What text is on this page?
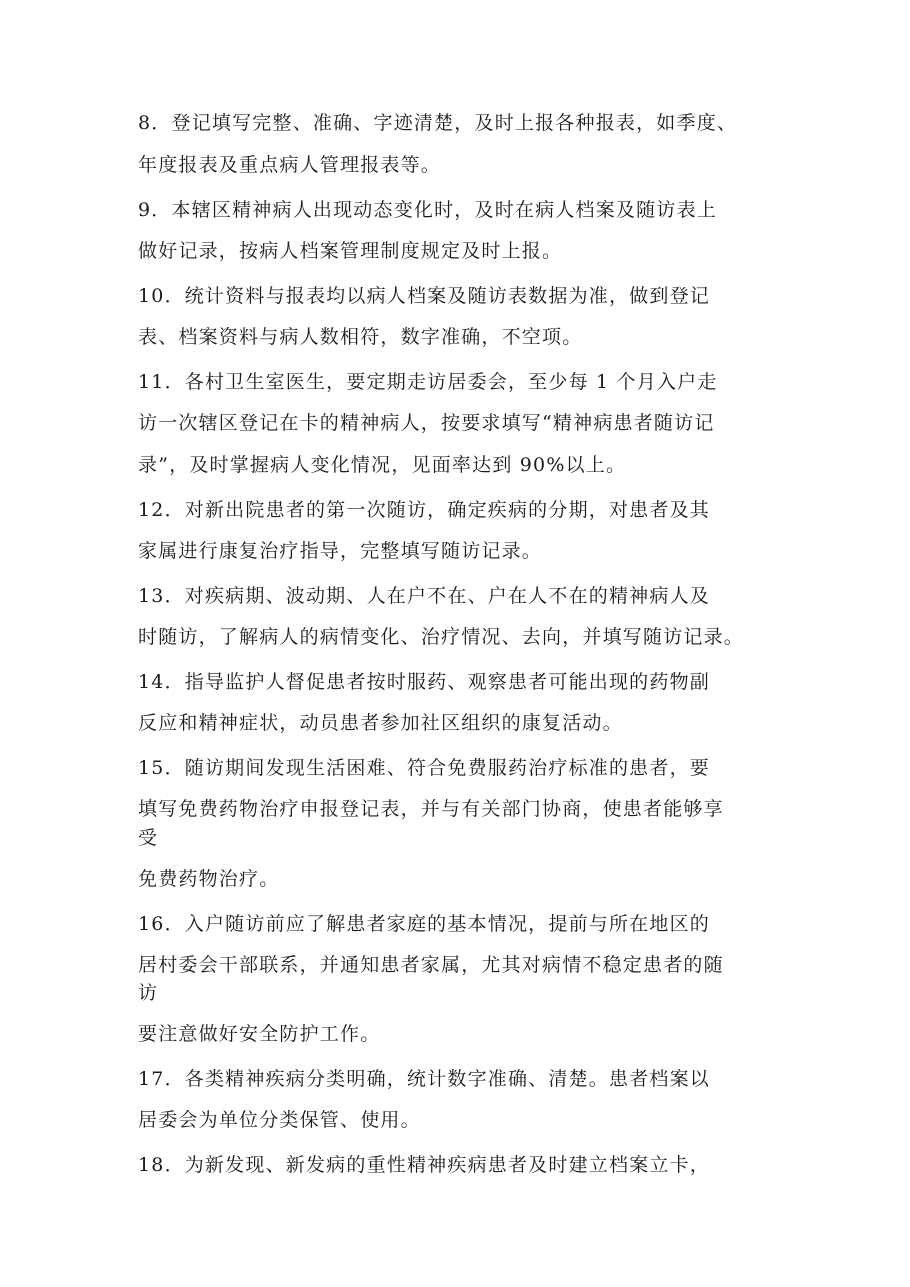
8．登记填写完整、准确、字迹清楚，及时上报各种报表，如季度、
年度报表及重点病人管理报表等。
9．本辖区精神病人出现动态变化时，及时在病人档案及随访表上
做好记录，按病人档案管理制度规定及时上报。
10．统计资料与报表均以病人档案及随访表数据为准，做到登记
表、档案资料与病人数相符，数字准确，不空项。
11．各村卫生室医生，要定期走访居委会，至少每 1 个月入户走
访一次辖区登记在卡的精神病人，按要求填写“精神病患者随访记
录”，及时掌握病人变化情况，见面率达到 90%以上。
12．对新出院患者的第一次随访，确定疾病的分期，对患者及其
家属进行康复治疗指导，完整填写随访记录。
13．对疾病期、波动期、人在户不在、户在人不在的精神病人及
时随访，了解病人的病情变化、治疗情况、去向，并填写随访记录。
14．指导监护人督促患者按时服药、观察患者可能出现的药物副
反应和精神症状，动员患者参加社区组织的康复活动。
15．随访期间发现生活困难、符合免费服药治疗标准的患者，要
填写免费药物治疗申报登记表，并与有关部门协商，使患者能够享
受
免费药物治疗。
16．入户随访前应了解患者家庭的基本情况，提前与所在地区的
居村委会干部联系，并通知患者家属，尤其对病情不稳定患者的随
访
要注意做好安全防护工作。
17．各类精神疾病分类明确，统计数字准确、清楚。患者档案以
居委会为单位分类保管、使用。
18．为新发现、新发病的重性精神疾病患者及时建立档案立卡，
